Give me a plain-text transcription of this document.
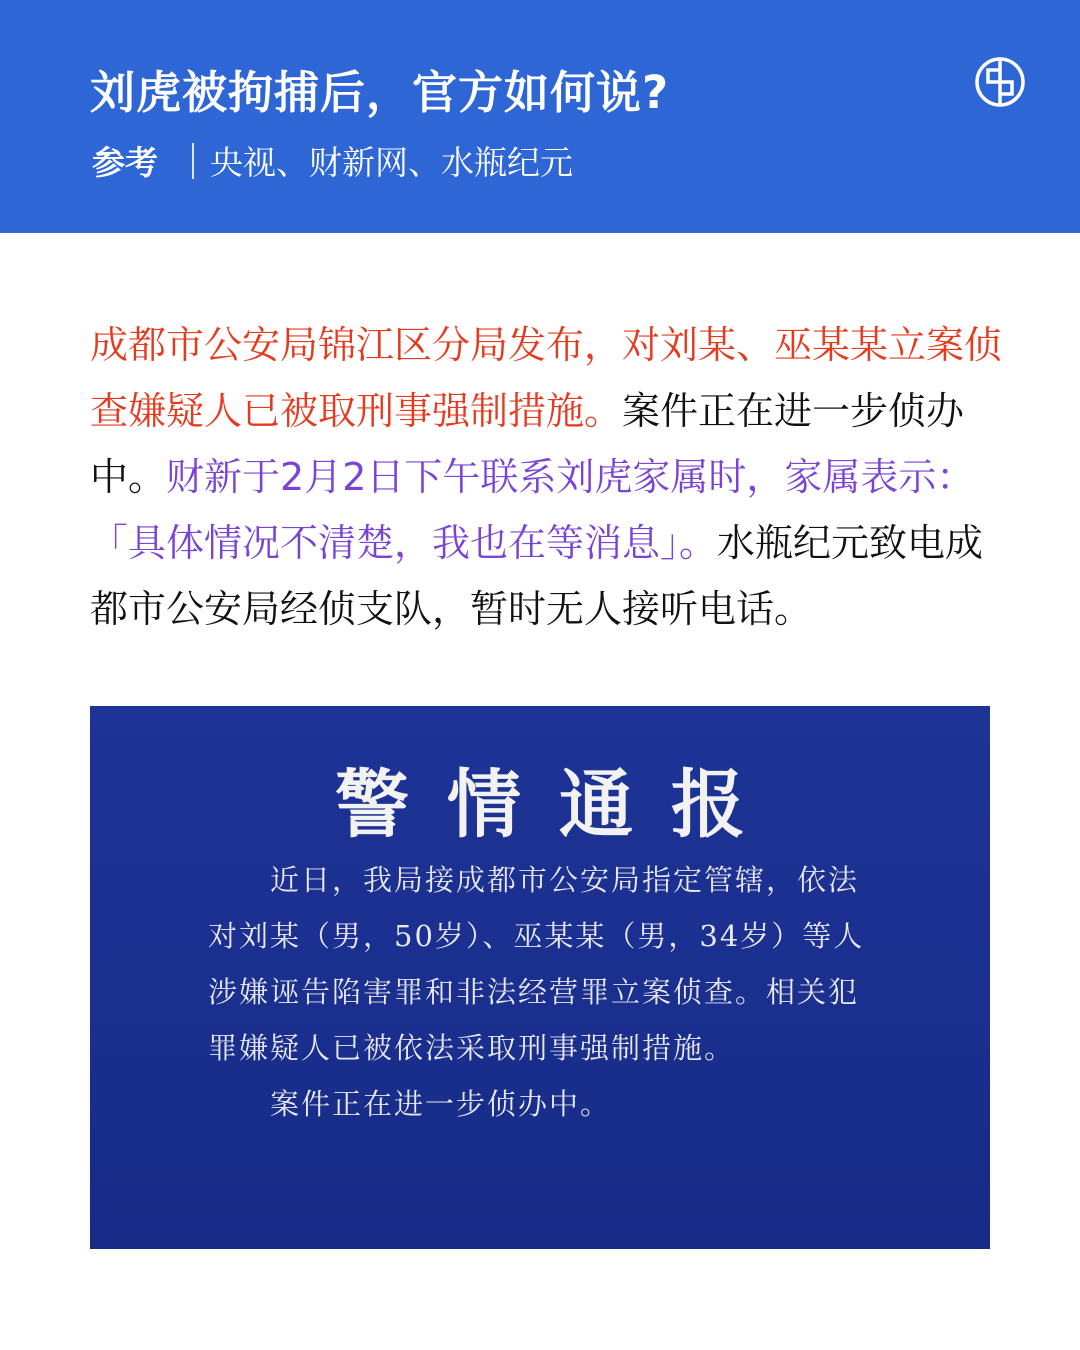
刘虎被拘捕后，官方如何说?
参考 央视、财新网、水瓶纪元
成都市公安局锦江区分局发布，对刘某、巫某某立案侦查嫌疑人已被取刑事强制措施。案件正在进一步侦办中。财新于2月2日下午联系刘虎家属时，家属表示：「具体情况不清楚，我也在等消息」。水瓶纪元致电成都市公安局经侦支队，暂时无人接听电话。
警情通报

近日，我局接成都市公安局指定管辖，依法对刘某（男，50岁）、巫某某（男，34岁）等人涉嫌诬告陷害罪和非法经营罪立案侦查。相关犯罪嫌疑人已被依法采取刑事强制措施。

案件正在进一步侦办中。
